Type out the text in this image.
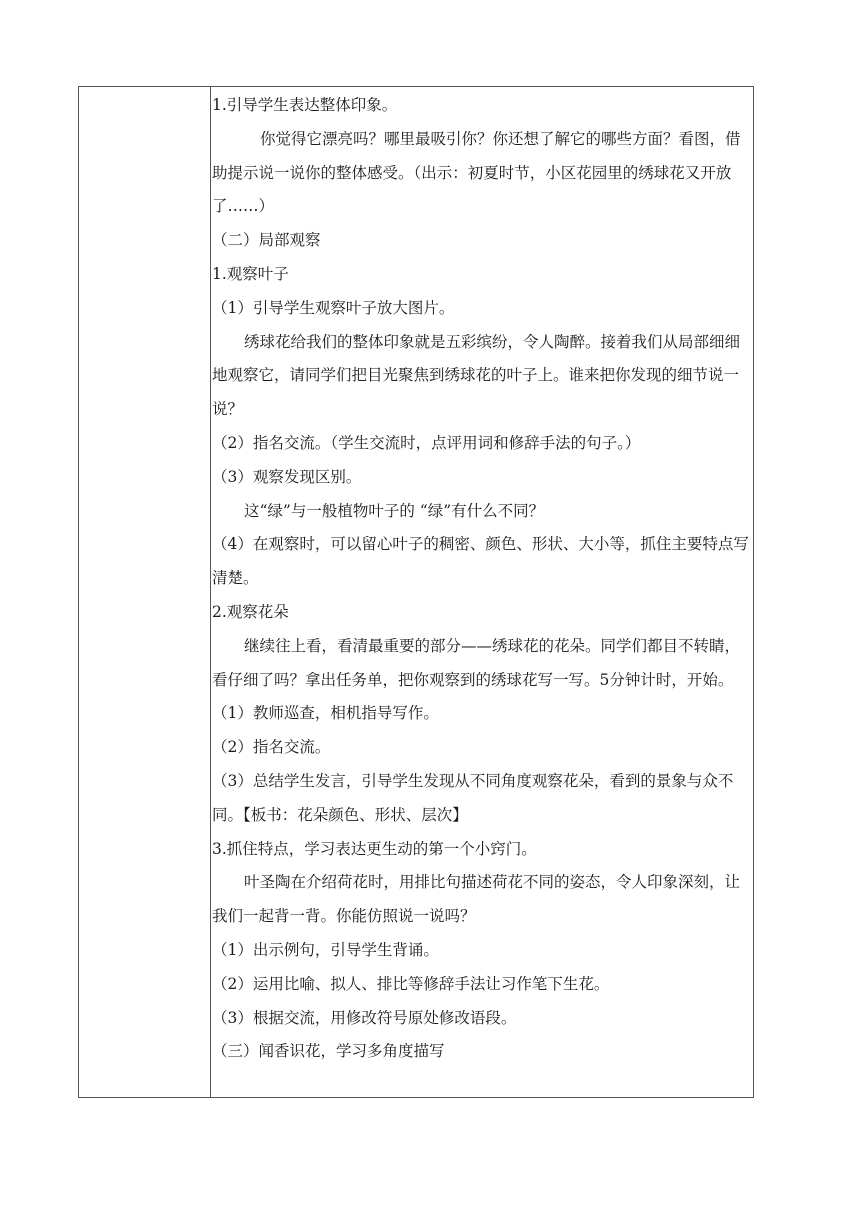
1.引导学生表达整体印象。

你觉得它漂亮吗？哪里最吸引你？你还想了解它的哪些方面？看图，借助提示说一说你的整体感受。（出示：初夏时节，小区花园里的绣球花又开放了……）

（二）局部观察

1.观察叶子

（1）引导学生观察叶子放大图片。

绣球花给我们的整体印象就是五彩缤纷，令人陶醉。接着我们从局部细细地观察它，请同学们把目光聚焦到绣球花的叶子上。谁来把你发现的细节说一说？

（2）指名交流。（学生交流时，点评用词和修辞手法的句子。）

（3）观察发现区别。

这“绿”与一般植物叶子的 “绿”有什么不同？

（4）在观察时，可以留心叶子的稠密、颜色、形状、大小等，抓住主要特点写清楚。

2.观察花朵

继续往上看，看清最重要的部分——绣球花的花朵。同学们都目不转睛，看仔细了吗？拿出任务单，把你观察到的绣球花写一写。5分钟计时，开始。

（1）教师巡查，相机指导写作。

（2）指名交流。

（3）总结学生发言，引导学生发现从不同角度观察花朵，看到的景象与众不同。【板书：花朵颜色、形状、层次】

3.抓住特点，学习表达更生动的第一个小窍门。

叶圣陶在介绍荷花时，用排比句描述荷花不同的姿态，令人印象深刻，让我们一起背一背。你能仿照说一说吗？

（1）出示例句，引导学生背诵。

（2）运用比喻、拟人、排比等修辞手法让习作笔下生花。

（3）根据交流，用修改符号原处修改语段。

（三）闻香识花，学习多角度描写
